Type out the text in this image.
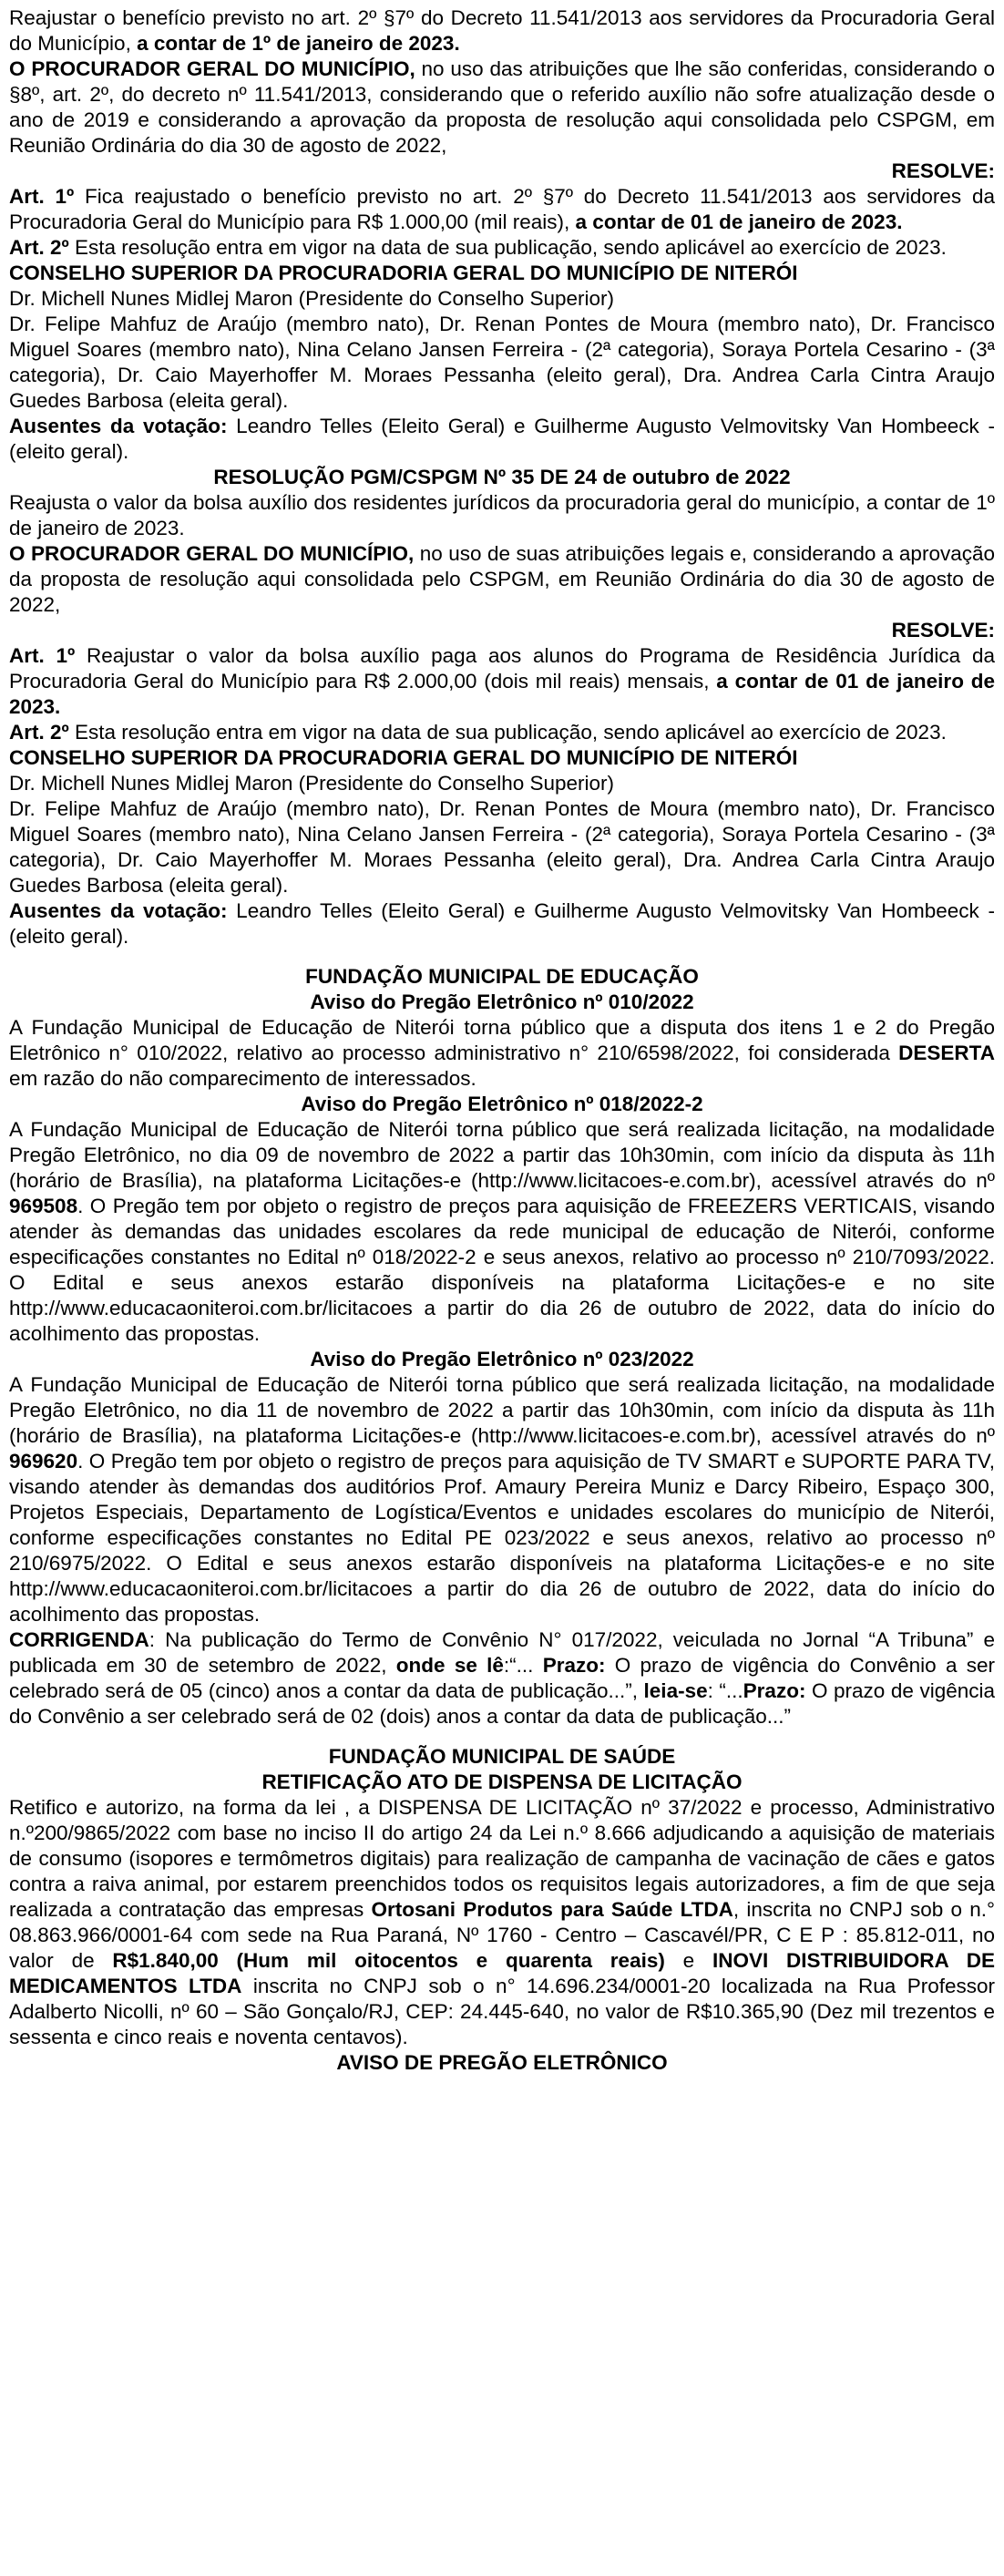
Reajustar o benefício previsto no art. 2º §7º do Decreto 11.541/2013 aos servidores da Procuradoria Geral do Município, a contar de 1º de janeiro de 2023.

O PROCURADOR GERAL DO MUNICÍPIO, no uso das atribuições que lhe são conferidas, considerando o §8º, art. 2º, do decreto nº 11.541/2013, considerando que o referido auxílio não sofre atualização desde o ano de 2019 e considerando a aprovação da proposta de resolução aqui consolidada pelo CSPGM, em Reunião Ordinária do dia 30 de agosto de 2022,

RESOLVE:

Art. 1º Fica reajustado o benefício previsto no art. 2º §7º do Decreto 11.541/2013 aos servidores da Procuradoria Geral do Município para R$ 1.000,00 (mil reais), a contar de 01 de janeiro de 2023.

Art. 2º Esta resolução entra em vigor na data de sua publicação, sendo aplicável ao exercício de 2023.

CONSELHO SUPERIOR DA PROCURADORIA GERAL DO MUNICÍPIO DE NITERÓI

Dr. Michell Nunes Midlej Maron (Presidente do Conselho Superior)

Dr. Felipe Mahfuz de Araújo (membro nato), Dr. Renan Pontes de Moura (membro nato), Dr. Francisco Miguel Soares (membro nato), Nina Celano Jansen Ferreira - (2ª categoria), Soraya Portela Cesarino - (3ª categoria), Dr. Caio Mayerhoffer M. Moraes Pessanha (eleito geral), Dra. Andrea Carla Cintra Araujo Guedes Barbosa (eleita geral).

Ausentes da votação: Leandro Telles (Eleito Geral) e Guilherme Augusto Velmovitsky Van Hombeeck - (eleito geral).

RESOLUÇÃO PGM/CSPGM Nº 35 DE 24 de outubro de 2022

Reajusta o valor da bolsa auxílio dos residentes jurídicos da procuradoria geral do município, a contar de 1º de janeiro de 2023.

O PROCURADOR GERAL DO MUNICÍPIO, no uso de suas atribuições legais e, considerando a aprovação da proposta de resolução aqui consolidada pelo CSPGM, em Reunião Ordinária do dia 30 de agosto de 2022,

RESOLVE:

Art. 1º Reajustar o valor da bolsa auxílio paga aos alunos do Programa de Residência Jurídica da Procuradoria Geral do Município para R$ 2.000,00 (dois mil reais) mensais, a contar de 01 de janeiro de 2023.

Art. 2º Esta resolução entra em vigor na data de sua publicação, sendo aplicável ao exercício de 2023.

CONSELHO SUPERIOR DA PROCURADORIA GERAL DO MUNICÍPIO DE NITERÓI

Dr. Michell Nunes Midlej Maron (Presidente do Conselho Superior)

Dr. Felipe Mahfuz de Araújo (membro nato), Dr. Renan Pontes de Moura (membro nato), Dr. Francisco Miguel Soares (membro nato), Nina Celano Jansen Ferreira - (2ª categoria), Soraya Portela Cesarino - (3ª categoria), Dr. Caio Mayerhoffer M. Moraes Pessanha (eleito geral), Dra. Andrea Carla Cintra Araujo Guedes Barbosa (eleita geral).

Ausentes da votação: Leandro Telles (Eleito Geral) e Guilherme Augusto Velmovitsky Van Hombeeck - (eleito geral).

FUNDAÇÃO MUNICIPAL DE EDUCAÇÃO

Aviso do Pregão Eletrônico nº 010/2022

A Fundação Municipal de Educação de Niterói torna público que a disputa dos itens 1 e 2 do Pregão Eletrônico n° 010/2022, relativo ao processo administrativo n° 210/6598/2022, foi considerada DESERTA em razão do não comparecimento de interessados.

Aviso do Pregão Eletrônico nº 018/2022-2

A Fundação Municipal de Educação de Niterói torna público que será realizada licitação, na modalidade Pregão Eletrônico, no dia 09 de novembro de 2022 a partir das 10h30min, com início da disputa às 11h (horário de Brasília), na plataforma Licitações-e (http://www.licitacoes-e.com.br), acessível através do nº 969508. O Pregão tem por objeto o registro de preços para aquisição de FREEZERS VERTICAIS, visando atender às demandas das unidades escolares da rede municipal de educação de Niterói, conforme especificações constantes no Edital nº 018/2022-2 e seus anexos, relativo ao processo nº 210/7093/2022. O Edital e seus anexos estarão disponíveis na plataforma Licitações-e e no site http://www.educacaoniteroi.com.br/licitacoes a partir do dia 26 de outubro de 2022, data do início do acolhimento das propostas.

Aviso do Pregão Eletrônico nº 023/2022

A Fundação Municipal de Educação de Niterói torna público que será realizada licitação, na modalidade Pregão Eletrônico, no dia 11 de novembro de 2022 a partir das 10h30min, com início da disputa às 11h (horário de Brasília), na plataforma Licitações-e (http://www.licitacoes-e.com.br), acessível através do nº 969620. O Pregão tem por objeto o registro de preços para aquisição de TV SMART e SUPORTE PARA TV, visando atender às demandas dos auditórios Prof. Amaury Pereira Muniz e Darcy Ribeiro, Espaço 300, Projetos Especiais, Departamento de Logística/Eventos e unidades escolares do município de Niterói, conforme especificações constantes no Edital PE 023/2022 e seus anexos, relativo ao processo nº 210/6975/2022. O Edital e seus anexos estarão disponíveis na plataforma Licitações-e e no site http://www.educacaoniteroi.com.br/licitacoes a partir do dia 26 de outubro de 2022, data do início do acolhimento das propostas.

CORRIGENDA: Na publicação do Termo de Convênio N° 017/2022, veiculada no Jornal “A Tribuna” e publicada em 30 de setembro de 2022, onde se lê:“... Prazo: O prazo de vigência do Convênio a ser celebrado será de 05 (cinco) anos a contar da data de publicação...”, leia-se: “...Prazo: O prazo de vigência do Convênio a ser celebrado será de 02 (dois) anos a contar da data de publicação...”

FUNDAÇÃO MUNICIPAL DE SAÚDE

RETIFICAÇÃO ATO DE DISPENSA DE LICITAÇÃO

Retifico e autorizo, na forma da lei , a DISPENSA DE LICITAÇÃO nº 37/2022 e processo, Administrativo n.º200/9865/2022 com base no inciso II do artigo 24 da Lei n.º 8.666 adjudicando a aquisição de materiais de consumo (isopores e termômetros digitais) para realização de campanha de vacinação de cães e gatos contra a raiva animal, por estarem preenchidos todos os requisitos legais autorizadores, a fim de que seja realizada a contratação das empresas Ortosani Produtos para Saúde LTDA, inscrita no CNPJ sob o n.° 08.863.966/0001-64 com sede na Rua Paraná, Nº 1760 - Centro – Cascavél/PR, C E P : 85.812-011, no valor de R$1.840,00 (Hum mil oitocentos e quarenta reais) e INOVI DISTRIBUIDORA DE MEDICAMENTOS LTDA inscrita no CNPJ sob o n° 14.696.234/0001-20 localizada na Rua Professor Adalberto Nicolli, nº 60 – São Gonçalo/RJ, CEP: 24.445-640, no valor de R$10.365,90 (Dez mil trezentos e sessenta e cinco reais e noventa centavos).

AVISO DE PREGÃO ELETRÔNICO
